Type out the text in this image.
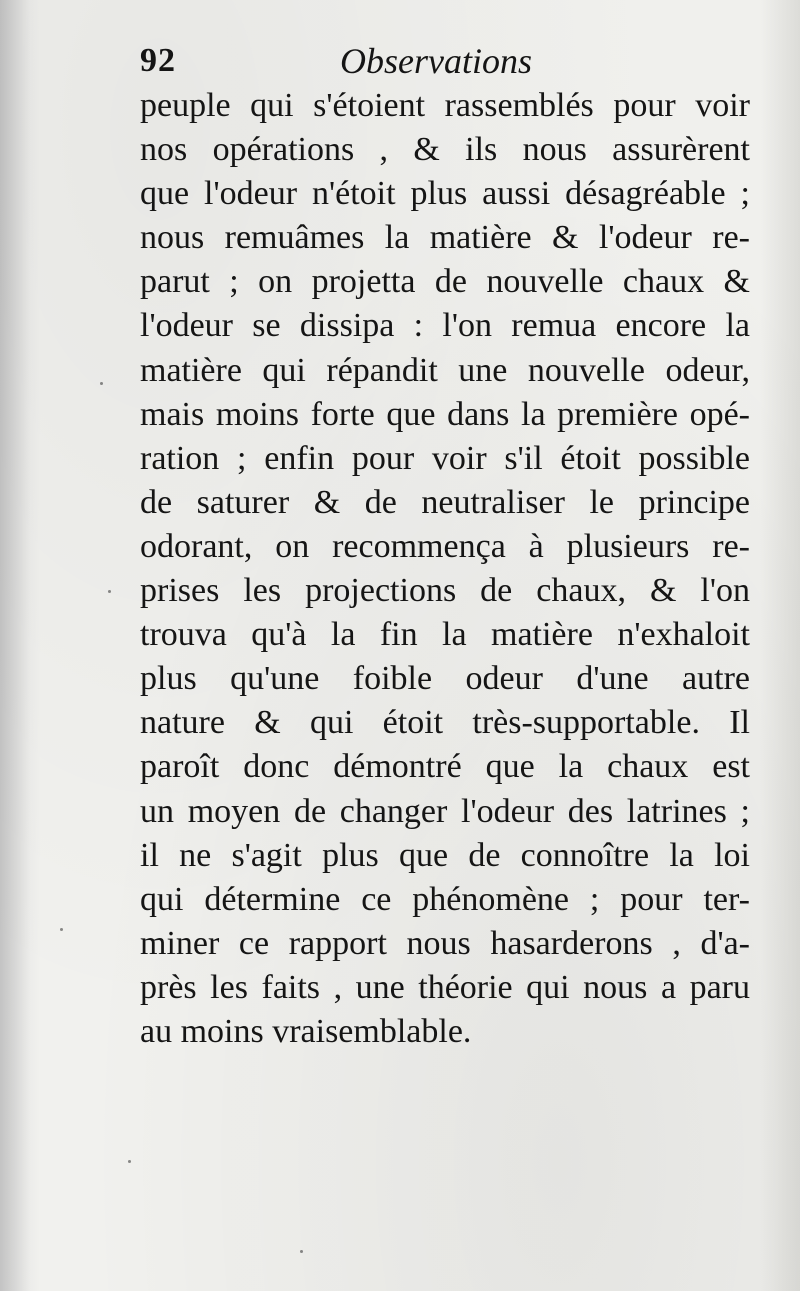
92	Observations
peuple qui s'étoient rassemblés pour voir
nos opérations , & ils nous assurèrent
que l'odeur n'étoit plus aussi désagréable ;
nous remuâmes la matière & l'odeur re-
parut ; on projetta de nouvelle chaux &
l'odeur se dissipa : l'on remua encore la
matière qui répandit une nouvelle odeur,
mais moins forte que dans la première opé-
ration ; enfin pour voir s'il étoit possible
de saturer & de neutraliser le principe
odorant, on recommença à plusieurs re-
prises les projections de chaux, & l'on
trouva qu'à la fin la matière n'exhaloit
plus qu'une foible odeur d'une autre
nature & qui étoit très-supportable. Il
paroît donc démontré que la chaux est
un moyen de changer l'odeur des latrines ;
il ne s'agit plus que de connoître la loi
qui détermine ce phénomène ; pour ter-
miner ce rapport nous hasarderons , d'a-
près les faits , une théorie qui nous a paru
au moins vraisemblable.
